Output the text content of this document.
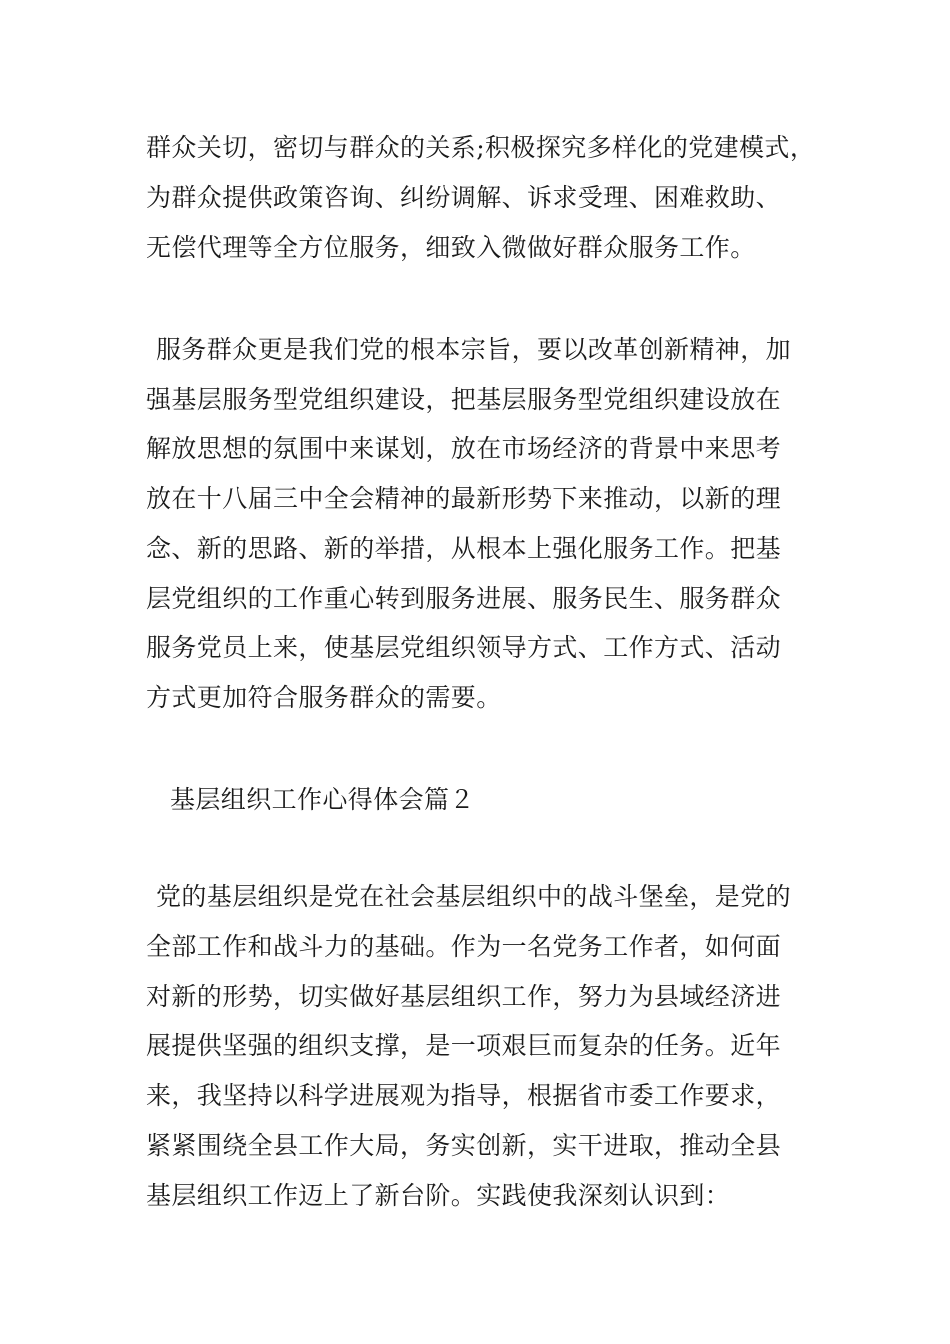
群众关切，密切与群众的关系;积极探究多样化的党建模式，
为群众提供政策咨询、纠纷调解、诉求受理、困难救助、
无偿代理等全方位服务，细致入微做好群众服务工作。
服务群众更是我们党的根本宗旨，要以改革创新精神，加
强基层服务型党组织建设，把基层服务型党组织建设放在
解放思想的氛围中来谋划，放在市场经济的背景中来思考
放在十八届三中全会精神的最新形势下来推动，以新的理
念、新的思路、新的举措，从根本上强化服务工作。把基
层党组织的工作重心转到服务进展、服务民生、服务群众
服务党员上来，使基层党组织领导方式、工作方式、活动
方式更加符合服务群众的需要。
基层组织工作心得体会篇２
党的基层组织是党在社会基层组织中的战斗堡垒，是党的
全部工作和战斗力的基础。作为一名党务工作者，如何面
对新的形势，切实做好基层组织工作，努力为县域经济进
展提供坚强的组织支撑，是一项艰巨而复杂的任务。近年
来，我坚持以科学进展观为指导，根据省市委工作要求，
紧紧围绕全县工作大局，务实创新，实干进取，推动全县
基层组织工作迈上了新台阶。实践使我深刻认识到：
